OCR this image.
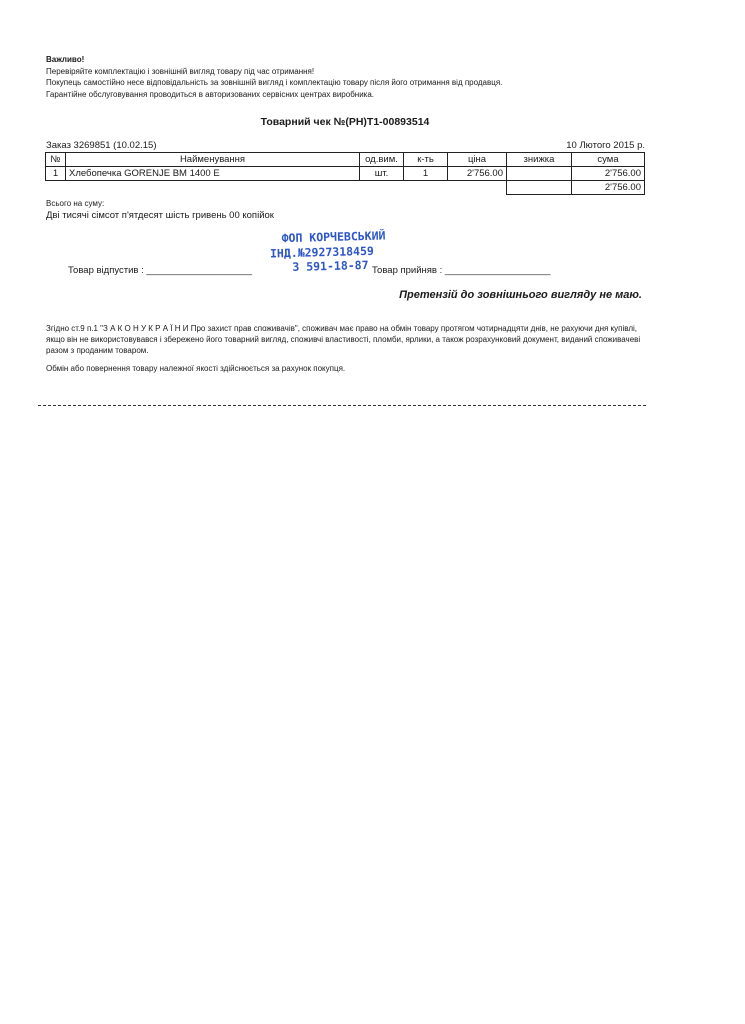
Важливо!
Перевіряйте комплектацію і зовнішній вигляд товару під час отримання!
Покупець самостійно несе відповідальність за зовнішній вигляд і комплектацію товару після його отримання від продавця.
Гарантійне обслуговування проводиться в авторизованих сервісних центрах виробника.
Товарний чек №(РН)Т1-00893514
Заказ 3269851 (10.02.15)	10 Лютого 2015 р.
№	Найменування	од.вим.	к-ть	ціна	знижка	сума
1	Хлебопечка GORENJE BM 1400 E	шт.	1	2'756.00		2'756.00
						2'756.00
Всього на суму:
Дві тисячі сімсот п'ятдесят шість гривень 00 копійок
Товар відпустив : ____________________	Товар прийняв : ____________________
ФОП КОРЧЕВСЬКИЙ
ІНД.№2927318459
З 591-18-87
Претензій до зовнішнього вигляду не маю.
Згідно ст.9 п.1 "З А К О Н У К Р А Ї Н И Про захист прав споживачів", споживач має право на обмін товару протягом чотирнадцяти днів, не рахуючи дня купівлі, якщо він не використовувався і збережено його товарний вигляд, споживчі властивості, пломби, ярлики, а також розрахунковий документ, виданий споживачеві разом з проданим товаром.
Обмін або повернення товару належної якості здійснюється за рахунок покупця.
